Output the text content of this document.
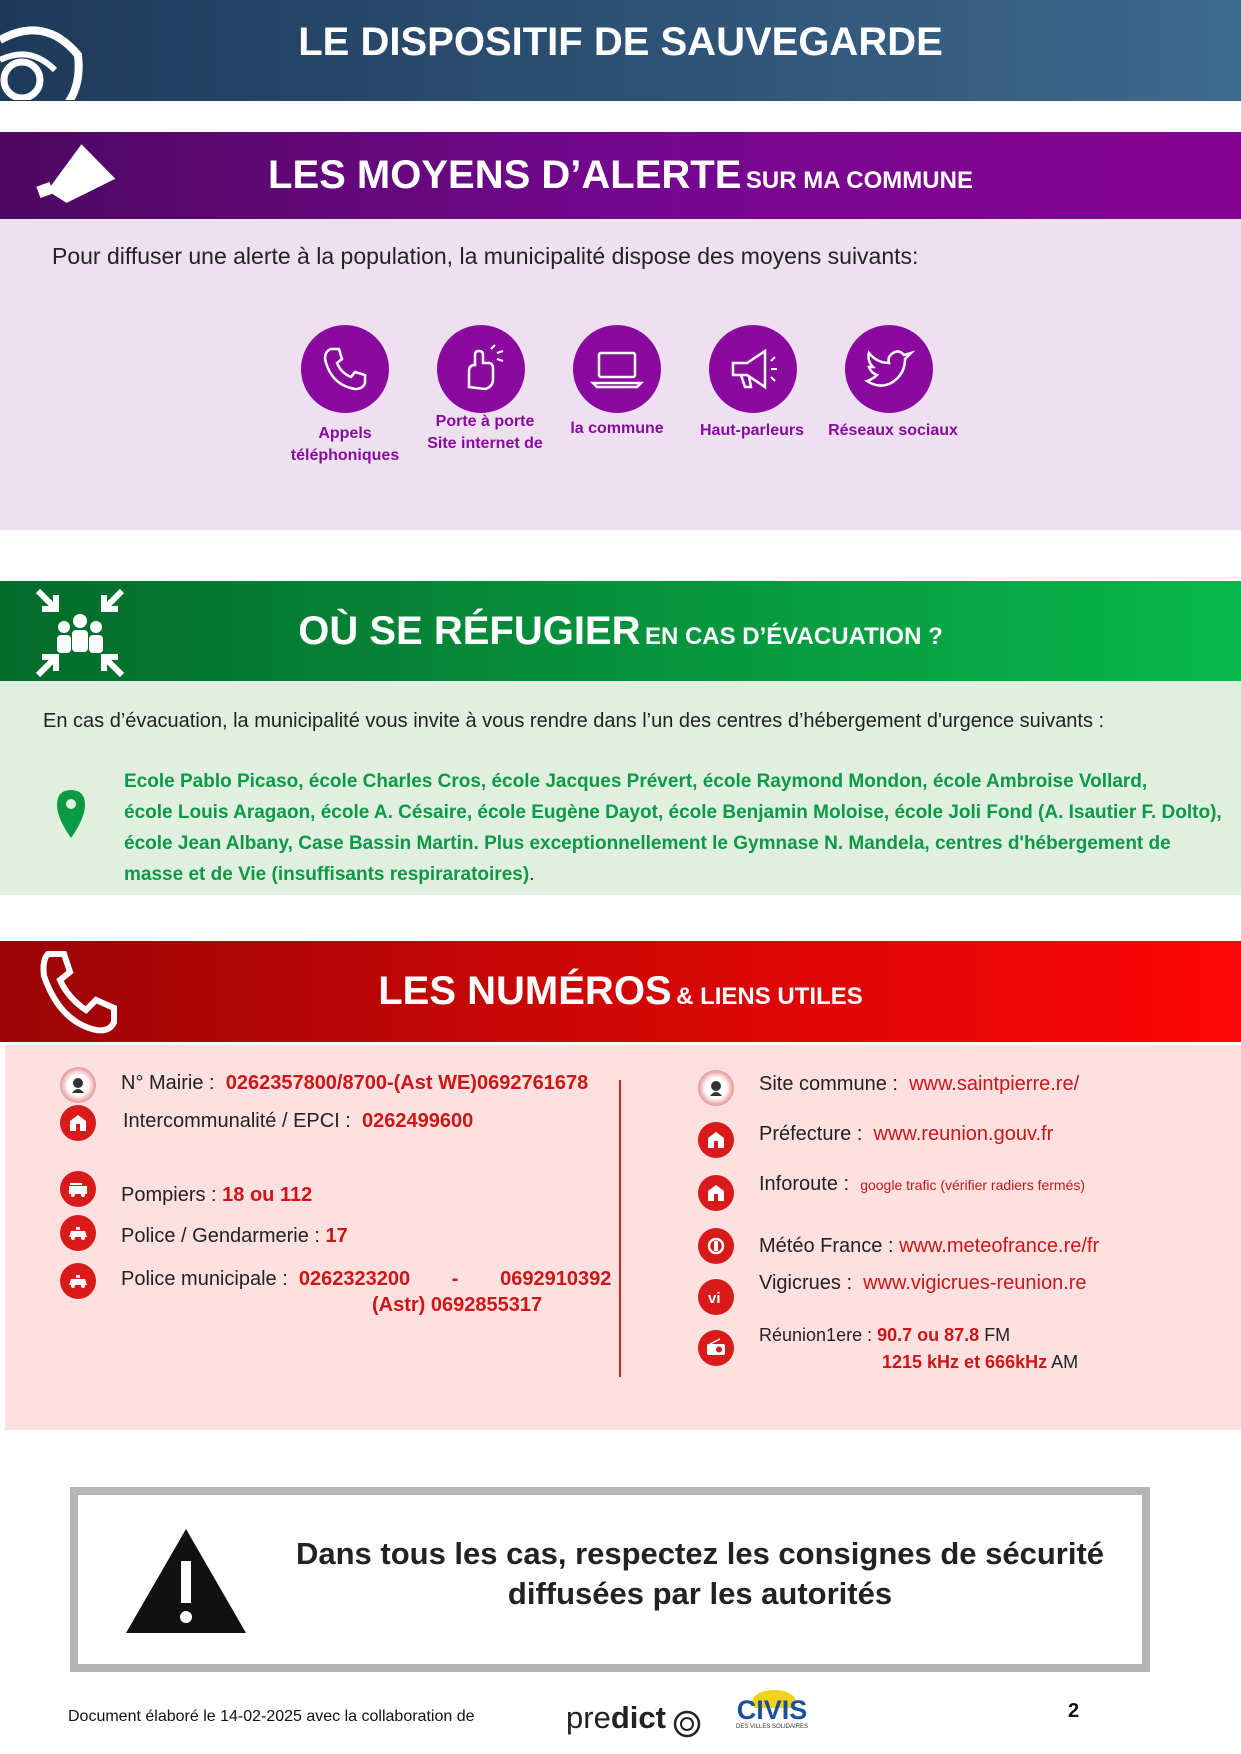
LE DISPOSITIF DE SAUVEGARDE
LES MOYENS D’ALERTE SUR MA COMMUNE
Pour diffuser une alerte à la population, la municipalité dispose des moyens suivants:
Appels
téléphoniques
Porte à porte
Site internet de
la commune	Haut-parleurs	Réseaux sociaux
OÙ SE RÉFUGIER EN CAS D’ÉVACUATION ?
En cas d’évacuation, la municipalité vous invite à vous rendre dans l’un des centres d’hébergement d'urgence suivants :
Ecole Pablo Picaso, école Charles Cros, école Jacques Prévert, école Raymond Mondon, école Ambroise Vollard,
école Louis Aragaon, école A. Césaire, école Eugène Dayot, école Benjamin Moloise, école Joli Fond (A. Isautier F. Dolto),
école Jean Albany, Case Bassin Martin. Plus exceptionnellement le Gymnase N. Mandela, centres d'hébergement de
masse et de Vie (insuffisants respiraratoires).
LES NUMÉROS & LIENS UTILES
N° Mairie : 0262357800/8700-(Ast WE)0692761678
Intercommunalité / EPCI : 0262499600
Pompiers : 18 ou 112
Police / Gendarmerie : 17
Police municipale : 0262323200 - 0692910392
(Astr) 0692855317
Site commune : www.saintpierre.re/
Préfecture : www.reunion.gouv.fr
Inforoute : google trafic (vérifier radiers fermés)
Météo France : www.meteofrance.re/fr
vi
Vigicrues : www.vigicrues-reunion.re
Réunion1ere : 90.7 ou 87.8 FM
1215 kHz et 666kHz AM
Dans tous les cas, respectez les consignes de sécurité
diffusées par les autorités
Document élaboré le 14-02-2025 avec la collaboration de	predict	CIVIS
DES VILLES SOLIDAIRES
2
